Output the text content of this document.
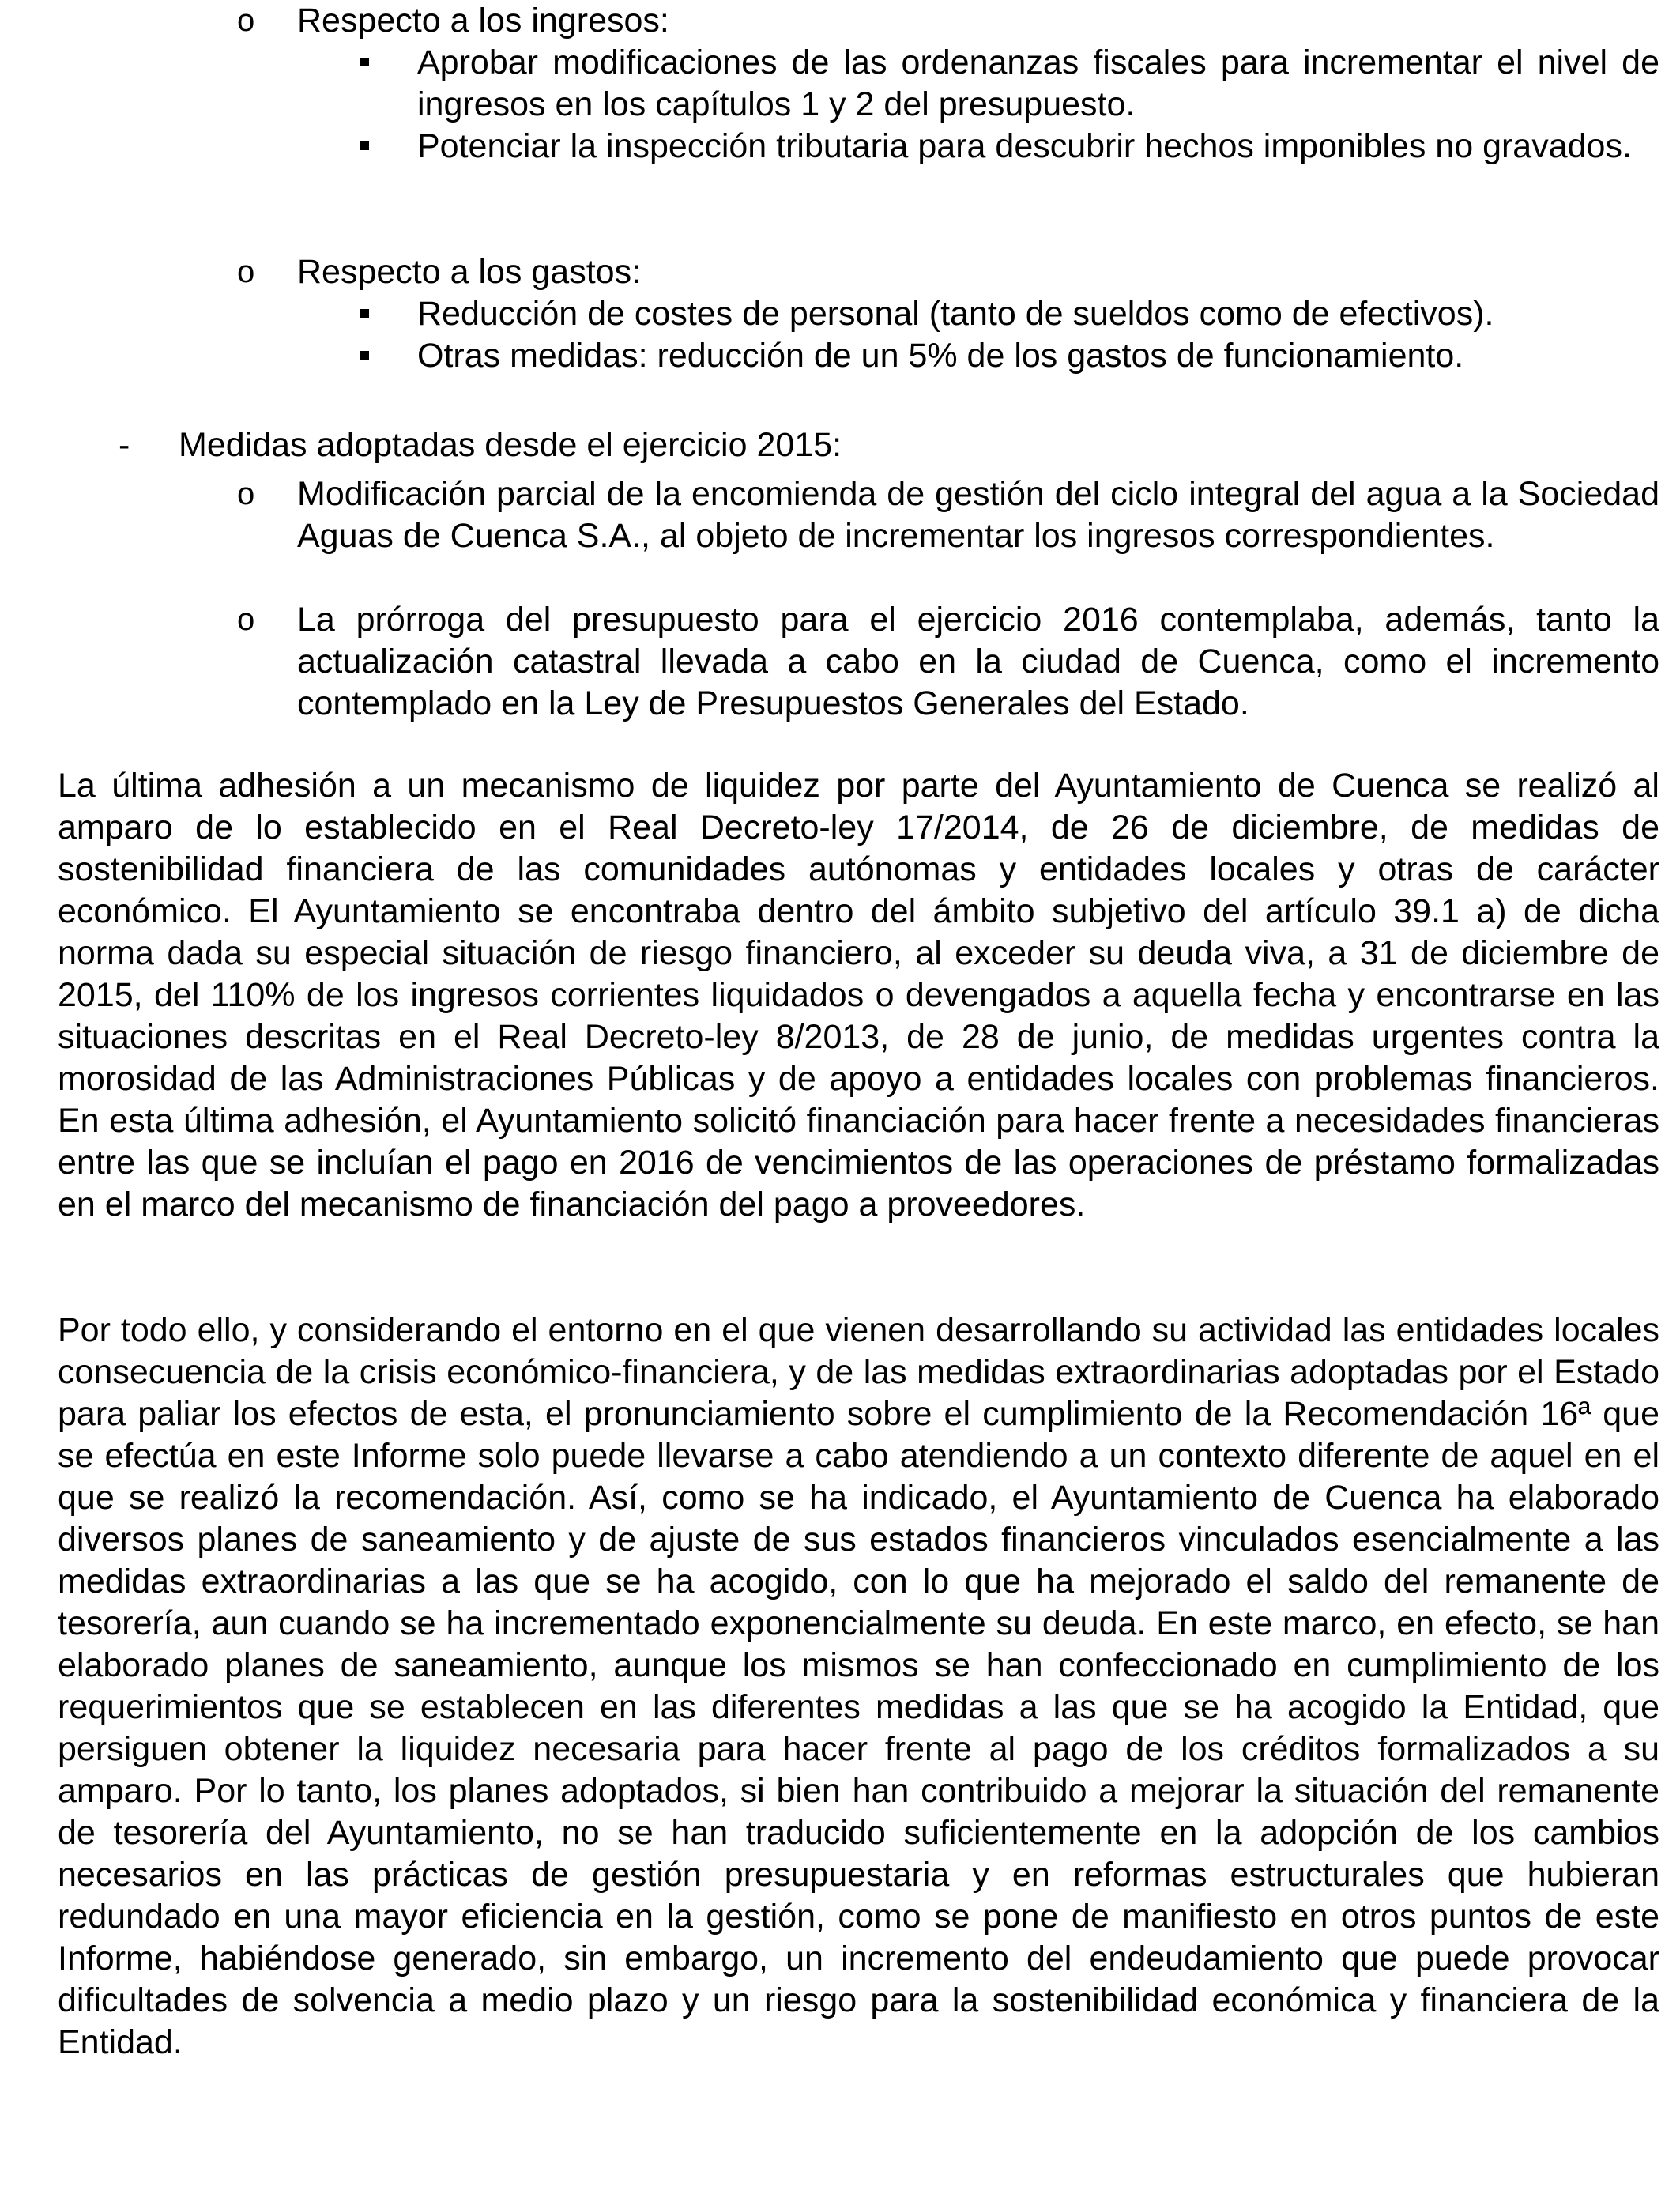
o	Respecto a los ingresos:
Aprobar modificaciones de las ordenanzas fiscales para incrementar el nivel de ingresos en los capítulos 1 y 2 del presupuesto.
Potenciar la inspección tributaria para descubrir hechos imponibles no gravados.
o	Respecto a los gastos:
Reducción de costes de personal (tanto de sueldos como de efectivos).
Otras medidas: reducción de un 5% de los gastos de funcionamiento.
-	Medidas adoptadas desde el ejercicio 2015:
o	Modificación parcial de la encomienda de gestión del ciclo integral del agua a la Sociedad Aguas de Cuenca S.A., al objeto de incrementar los ingresos correspondientes.
o	La prórroga del presupuesto para el ejercicio 2016 contemplaba, además, tanto la actualización catastral llevada a cabo en la ciudad de Cuenca, como el incremento contemplado en la Ley de Presupuestos Generales del Estado.

La última adhesión a un mecanismo de liquidez por parte del Ayuntamiento de Cuenca se realizó al amparo de lo establecido en el Real Decreto-ley 17/2014, de 26 de diciembre, de medidas de sostenibilidad financiera de las comunidades autónomas y entidades locales y otras de carácter económico. El Ayuntamiento se encontraba dentro del ámbito subjetivo del artículo 39.1 a) de dicha norma dada su especial situación de riesgo financiero, al exceder su deuda viva, a 31 de diciembre de 2015, del 110% de los ingresos corrientes liquidados o devengados a aquella fecha y encontrarse en las situaciones descritas en el Real Decreto-ley 8/2013, de 28 de junio, de medidas urgentes contra la morosidad de las Administraciones Públicas y de apoyo a entidades locales con problemas financieros. En esta última adhesión, el Ayuntamiento solicitó financiación para hacer frente a necesidades financieras entre las que se incluían el pago en 2016 de vencimientos de las operaciones de préstamo formalizadas en el marco del mecanismo de financiación del pago a proveedores.

Por todo ello, y considerando el entorno en el que vienen desarrollando su actividad las entidades locales consecuencia de la crisis económico-financiera, y de las medidas extraordinarias adoptadas por el Estado para paliar los efectos de esta, el pronunciamiento sobre el cumplimiento de la Recomendación 16ª que se efectúa en este Informe solo puede llevarse a cabo atendiendo a un contexto diferente de aquel en el que se realizó la recomendación. Así, como se ha indicado, el Ayuntamiento de Cuenca ha elaborado diversos planes de saneamiento y de ajuste de sus estados financieros vinculados esencialmente a las medidas extraordinarias a las que se ha acogido, con lo que ha mejorado el saldo del remanente de tesorería, aun cuando se ha incrementado exponencialmente su deuda. En este marco, en efecto, se han elaborado planes de saneamiento, aunque los mismos se han confeccionado en cumplimiento de los requerimientos que se establecen en las diferentes medidas a las que se ha acogido la Entidad, que persiguen obtener la liquidez necesaria para hacer frente al pago de los créditos formalizados a su amparo. Por lo tanto, los planes adoptados, si bien han contribuido a mejorar la situación del remanente de tesorería del Ayuntamiento, no se han traducido suficientemente en la adopción de los cambios necesarios en las prácticas de gestión presupuestaria y en reformas estructurales que hubieran redundado en una mayor eficiencia en la gestión, como se pone de manifiesto en otros puntos de este Informe, habiéndose generado, sin embargo, un incremento del endeudamiento que puede provocar dificultades de solvencia a medio plazo y un riesgo para la sostenibilidad económica y financiera de la Entidad.
